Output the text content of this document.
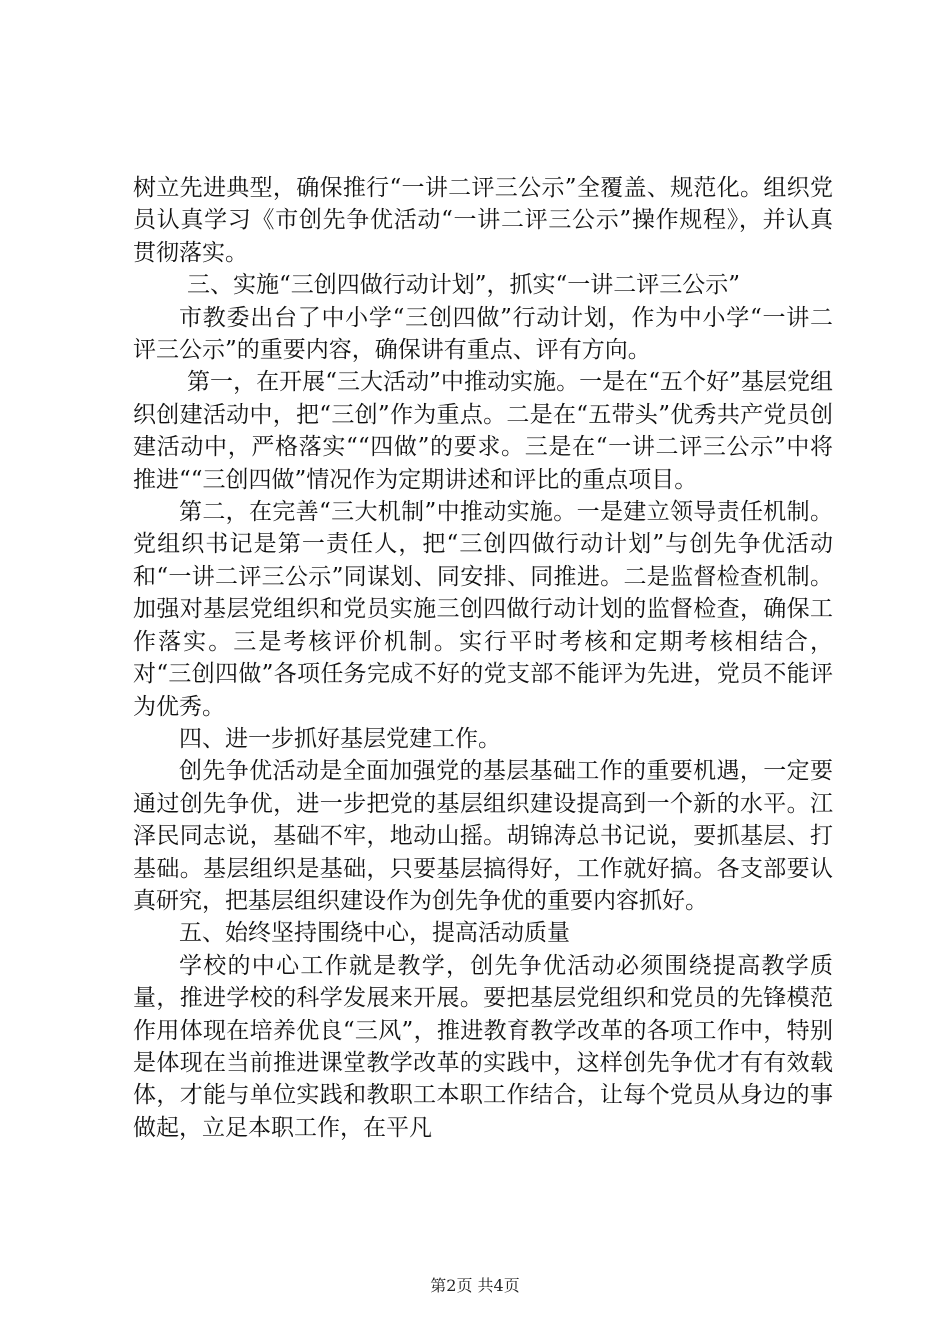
树立先进典型，确保推行“一讲二评三公示”全覆盖、规范化。组织党员认真学习《市创先争优活动“一讲二评三公示”操作规程》，并认真贯彻落实。

三、实施“三创四做行动计划”，抓实“一讲二评三公示”

市教委出台了中小学“三创四做”行动计划，作为中小学“一讲二评三公示”的重要内容，确保讲有重点、评有方向。

第一，在开展“三大活动”中推动实施。一是在“五个好”基层党组织创建活动中，把“三创”作为重点。二是在“五带头”优秀共产党员创建活动中，严格落实““四做”的要求。三是在“一讲二评三公示”中将推进““三创四做”情况作为定期讲述和评比的重点项目。

第二，在完善“三大机制”中推动实施。一是建立领导责任机制。党组织书记是第一责任人，把“三创四做行动计划”与创先争优活动和“一讲二评三公示”同谋划、同安排、同推进。二是监督检查机制。加强对基层党组织和党员实施三创四做行动计划的监督检查，确保工作落实。三是考核评价机制。实行平时考核和定期考核相结合，对“三创四做”各项任务完成不好的党支部不能评为先进，党员不能评为优秀。

四、进一步抓好基层党建工作。

创先争优活动是全面加强党的基层基础工作的重要机遇，一定要通过创先争优，进一步把党的基层组织建设提高到一个新的水平。江泽民同志说，基础不牢，地动山摇。胡锦涛总书记说，要抓基层、打基础。基层组织是基础，只要基层搞得好，工作就好搞。各支部要认真研究，把基层组织建设作为创先争优的重要内容抓好。

五、始终坚持围绕中心，提高活动质量

学校的中心工作就是教学，创先争优活动必须围绕提高教学质量，推进学校的科学发展来开展。要把基层党组织和党员的先锋模范作用体现在培养优良“三风”，推进教育教学改革的各项工作中，特别是体现在当前推进课堂教学改革的实践中，这样创先争优才有有效载体，才能与单位实践和教职工本职工作结合，让每个党员从身边的事做起，立足本职工作，在平凡

第2页 共4页
